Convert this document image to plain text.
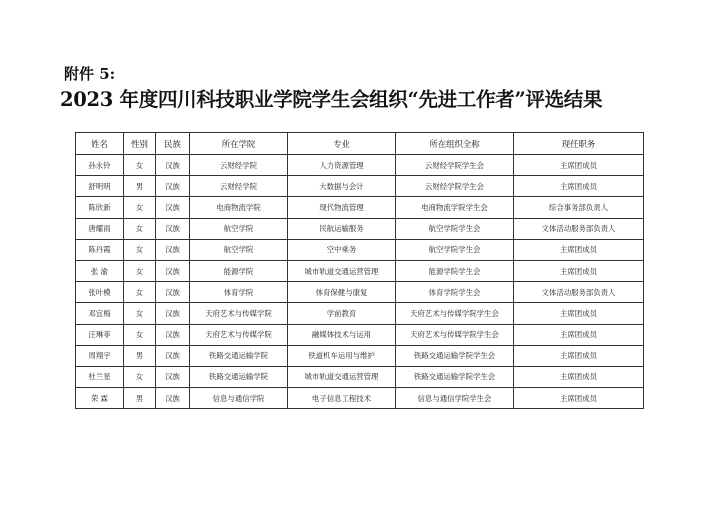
附件 5:
2023 年度四川科技职业学院学生会组织“先进工作者”评选结果
姓名	性别	民族	所在学院	专业	所在组织全称	现任职务
孙永铃	女	汉族	云财经学院	人力资源管理	云财经学院学生会	主席团成员
舒明明	男	汉族	云财经学院	大数据与会计	云财经学院学生会	主席团成员
陈欣新	女	汉族	电商物流学院	现代物流管理	电商物流学院学生会	综合事务部负责人
唐耀雨	女	汉族	航空学院	民航运输服务	航空学院学生会	文体活动服务部负责人
陈丹霞	女	汉族	航空学院	空中乘务	航空学院学生会	主席团成员
张 渝	女	汉族	能源学院	城市轨道交通运营管理	能源学院学生会	主席团成员
张叶模	女	汉族	体育学院	体育保健与康复	体育学院学生会	文体活动服务部负责人
邓宜梅	女	汉族	天府艺术与传媒学院	学前教育	天府艺术与传媒学院学生会	主席团成员
汪琳菲	女	汉族	天府艺术与传媒学院	融媒体技术与运用	天府艺术与传媒学院学生会	主席团成员
周翔宇	男	汉族	铁路交通运输学院	铁道机车运用与维护	铁路交通运输学院学生会	主席团成员
杜兰星	女	汉族	铁路交通运输学院	城市轨道交通运营管理	铁路交通运输学院学生会	主席团成员
荣 霖	男	汉族	信息与通信学院	电子信息工程技术	信息与通信学院学生会	主席团成员
